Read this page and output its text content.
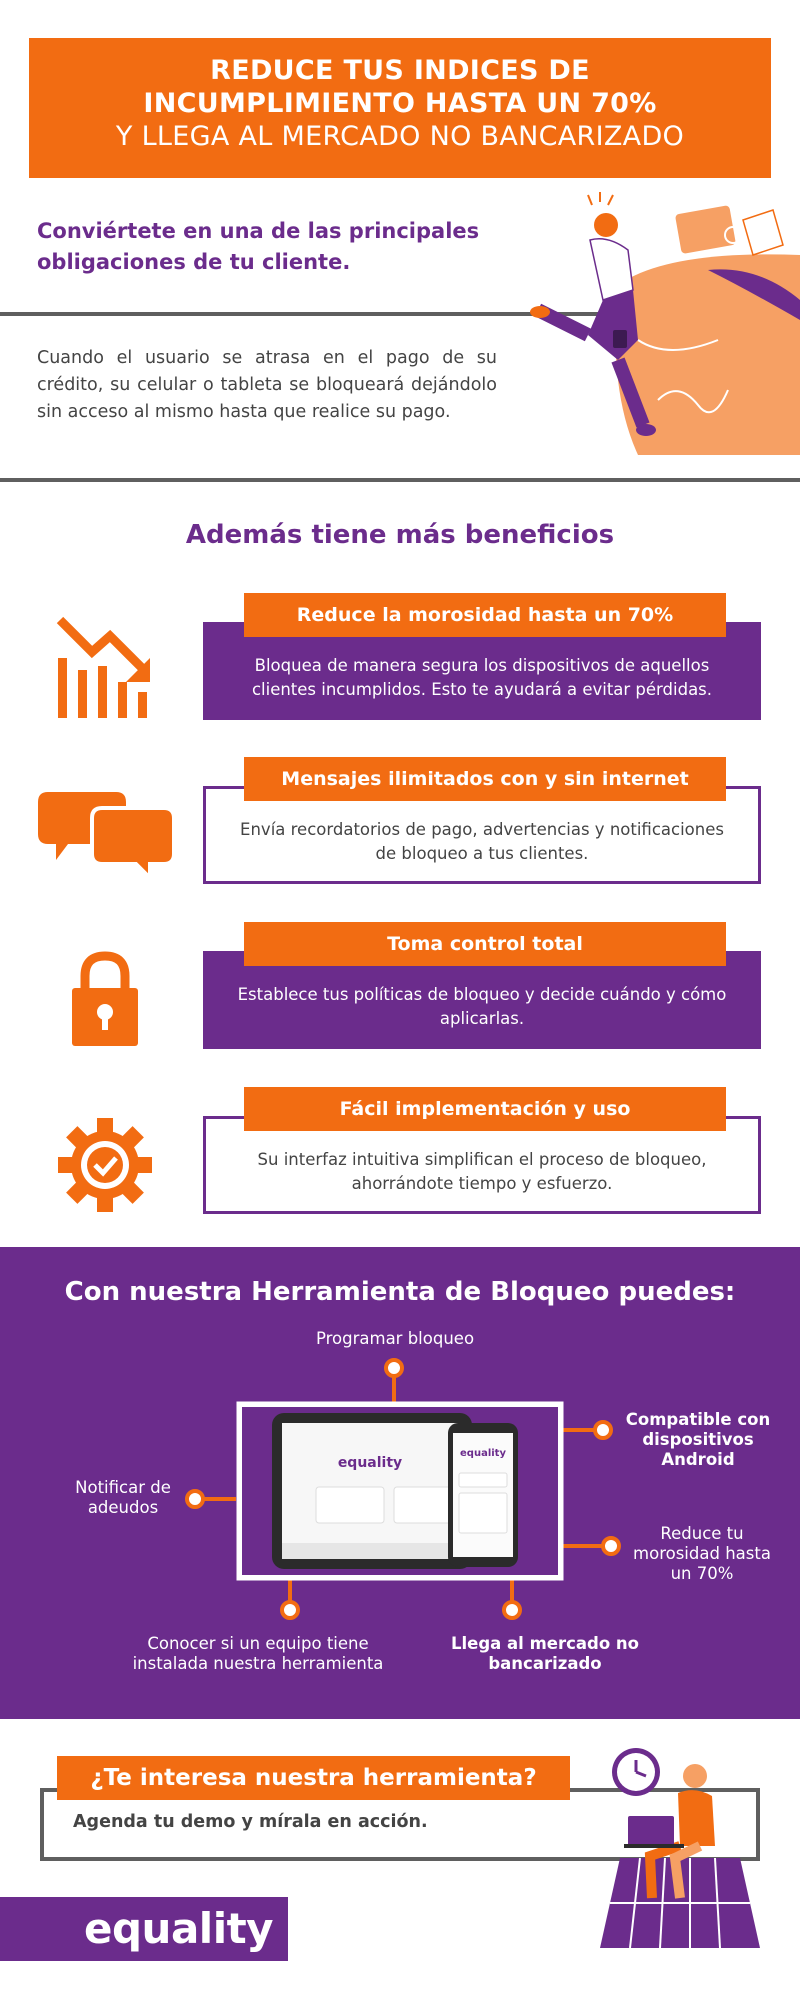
REDUCE TUS INDICES DE
INCUMPLIMIENTO HASTA UN 70%
Y LLEGA AL MERCADO NO BANCARIZADO
Conviértete en una de las principales obligaciones de tu cliente.
Cuando el usuario se atrasa en el pago de su crédito, su celular o tableta se bloqueará dejándolo sin acceso al mismo hasta que realice su pago.
Además tiene más beneficios
Bloquea de manera segura los dispositivos de aquellos clientes incumplidos. Esto te ayudará a evitar pérdidas.
Reduce la morosidad hasta un 70%
Envía recordatorios de pago, advertencias y notificaciones de bloqueo a tus clientes.
Mensajes ilimitados con y sin internet
Establece tus políticas de bloqueo y decide cuándo y cómo aplicarlas.
Toma control total
Su interfaz intuitiva simplifican el proceso de bloqueo, ahorrándote tiempo y esfuerzo.
Fácil implementación y uso
Con nuestra Herramienta de Bloqueo puedes:
equality
equality
Programar bloqueo
Compatible con dispositivos Android
Notificar de adeudos
Reduce tu morosidad hasta un 70%
Conocer si un equipo tiene instalada nuestra herramienta
Llega al mercado no bancarizado
¿Te interesa nuestra herramienta?
Agenda tu demo y mírala en acción.
equality
